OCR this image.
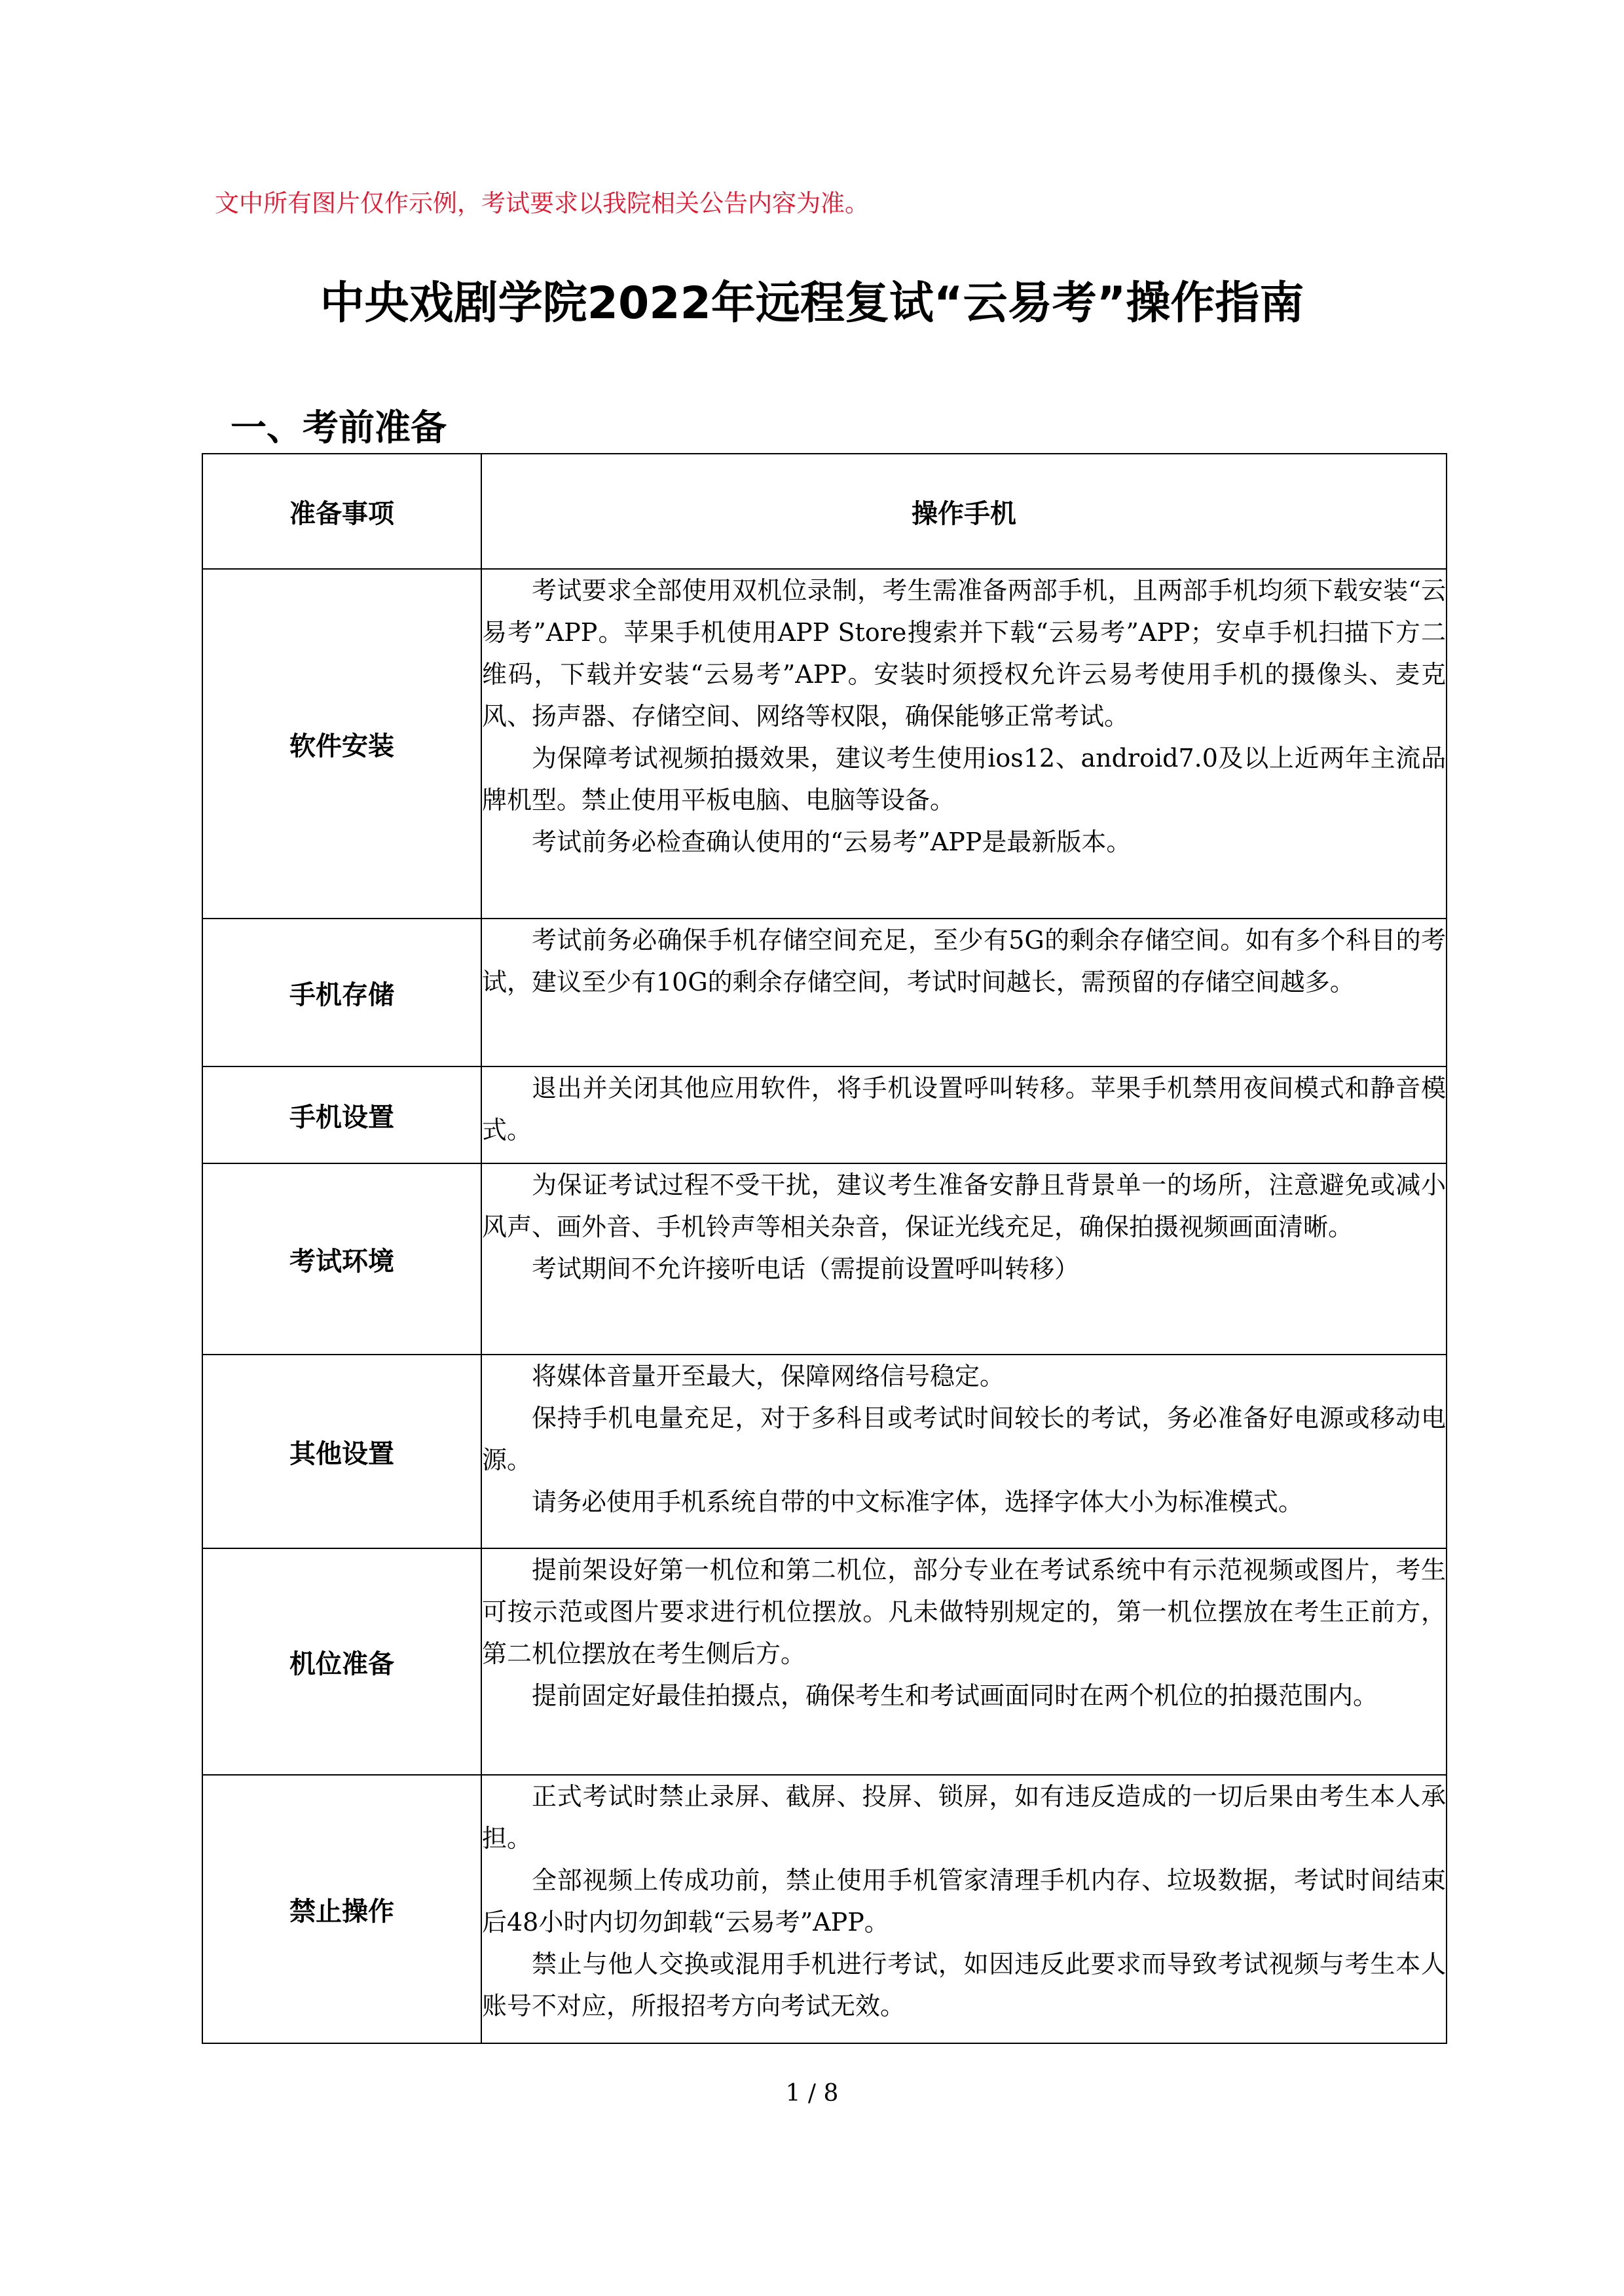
文中所有图片仅作示例，考试要求以我院相关公告内容为准。
中央戏剧学院2022年远程复试“云易考”操作指南
一、考前准备
准备事项	操作手机
软件安装	考试要求全部使用双机位录制，考生需准备两部手机，且两部手机均须下载安装“云易考”APP。苹果手机使用APP Store搜索并下载“云易考”APP；安卓手机扫描下方二维码，下载并安装“云易考”APP。安装时须授权允许云易考使用手机的摄像头、麦克风、扬声器、存储空间、网络等权限，确保能够正常考试。

为保障考试视频拍摄效果，建议考生使用ios12、android7.0及以上近两年主流品牌机型。禁止使用平板电脑、电脑等设备。

考试前务必检查确认使用的“云易考”APP是最新版本。

手机存储	考试前务必确保手机存储空间充足，至少有5G的剩余存储空间。如有多个科目的考试，建议至少有10G的剩余存储空间，考试时间越长，需预留的存储空间越多。

手机设置	退出并关闭其他应用软件，将手机设置呼叫转移。苹果手机禁用夜间模式和静音模式。

考试环境	为保证考试过程不受干扰，建议考生准备安静且背景单一的场所，注意避免或减小风声、画外音、手机铃声等相关杂音，保证光线充足，确保拍摄视频画面清晰。

考试期间不允许接听电话（需提前设置呼叫转移）

其他设置	将媒体音量开至最大，保障网络信号稳定。

保持手机电量充足，对于多科目或考试时间较长的考试，务必准备好电源或移动电源。

请务必使用手机系统自带的中文标准字体，选择字体大小为标准模式。

机位准备	提前架设好第一机位和第二机位，部分专业在考试系统中有示范视频或图片，考生可按示范或图片要求进行机位摆放。凡未做特别规定的，第一机位摆放在考生正前方，第二机位摆放在考生侧后方。

提前固定好最佳拍摄点，确保考生和考试画面同时在两个机位的拍摄范围内。

禁止操作	正式考试时禁止录屏、截屏、投屏、锁屏，如有违反造成的一切后果由考生本人承担。

全部视频上传成功前，禁止使用手机管家清理手机内存、垃圾数据，考试时间结束后48小时内切勿卸载“云易考”APP。

禁止与他人交换或混用手机进行考试，如因违反此要求而导致考试视频与考生本人账号不对应，所报招考方向考试无效。

1 / 8
